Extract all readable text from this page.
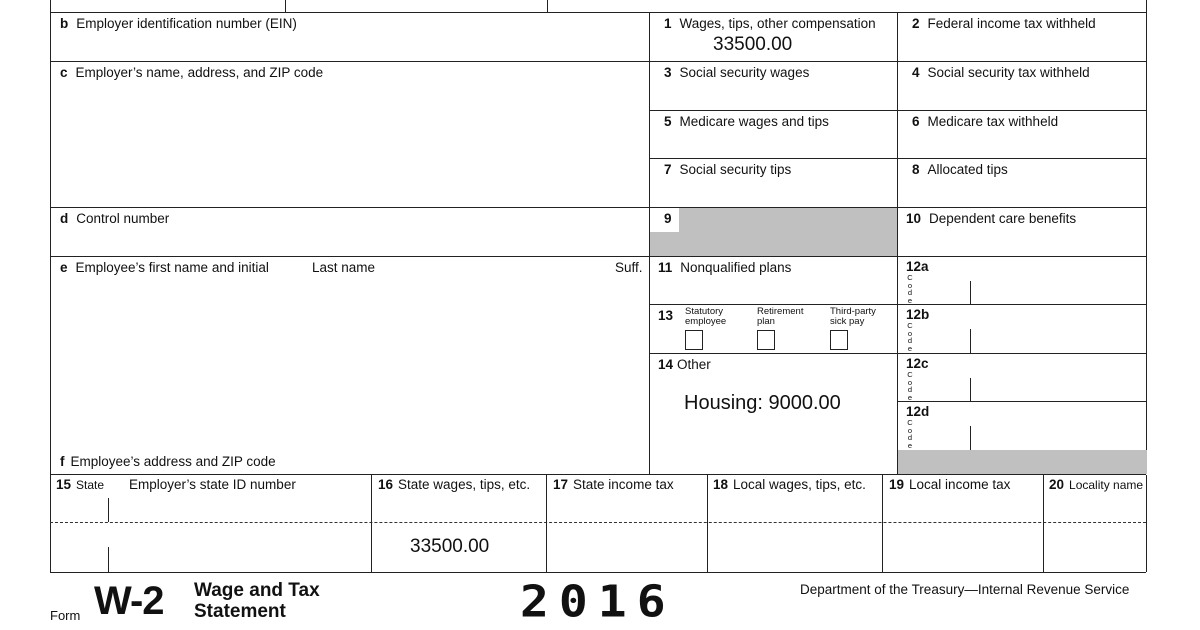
b Employer identification number (EIN)
c Employer’s name, address, and ZIP code
d Control number
e Employee’s first name and initial	Last name	Suff.
f Employee’s address and ZIP code
1 Wages, tips, other compensation
33500.00
2 Federal income tax withheld
3 Social security wages	4 Social security tax withheld
5 Medicare wages and tips	6 Medicare tax withheld
7 Social security tips	8 Allocated tips
9	10 Dependent care benefits
11 Nonqualified plans
13	Statutory
employee
Retirement
plan
Third-party
sick pay
14 Other
Housing: 9000.00
12a
C
o
d
e
12b
C
o
d
e
12c
C
o
d
e
12d
C
o
d
e
15 State Employer’s state ID number	16 State wages, tips, etc.
33500.00
17 State income tax	18 Local wages, tips, etc. 19 Local income tax	20 Locality name
Form W-2 Wage and Tax
Statement	2016	Department of the Treasury—Internal Revenue Service
